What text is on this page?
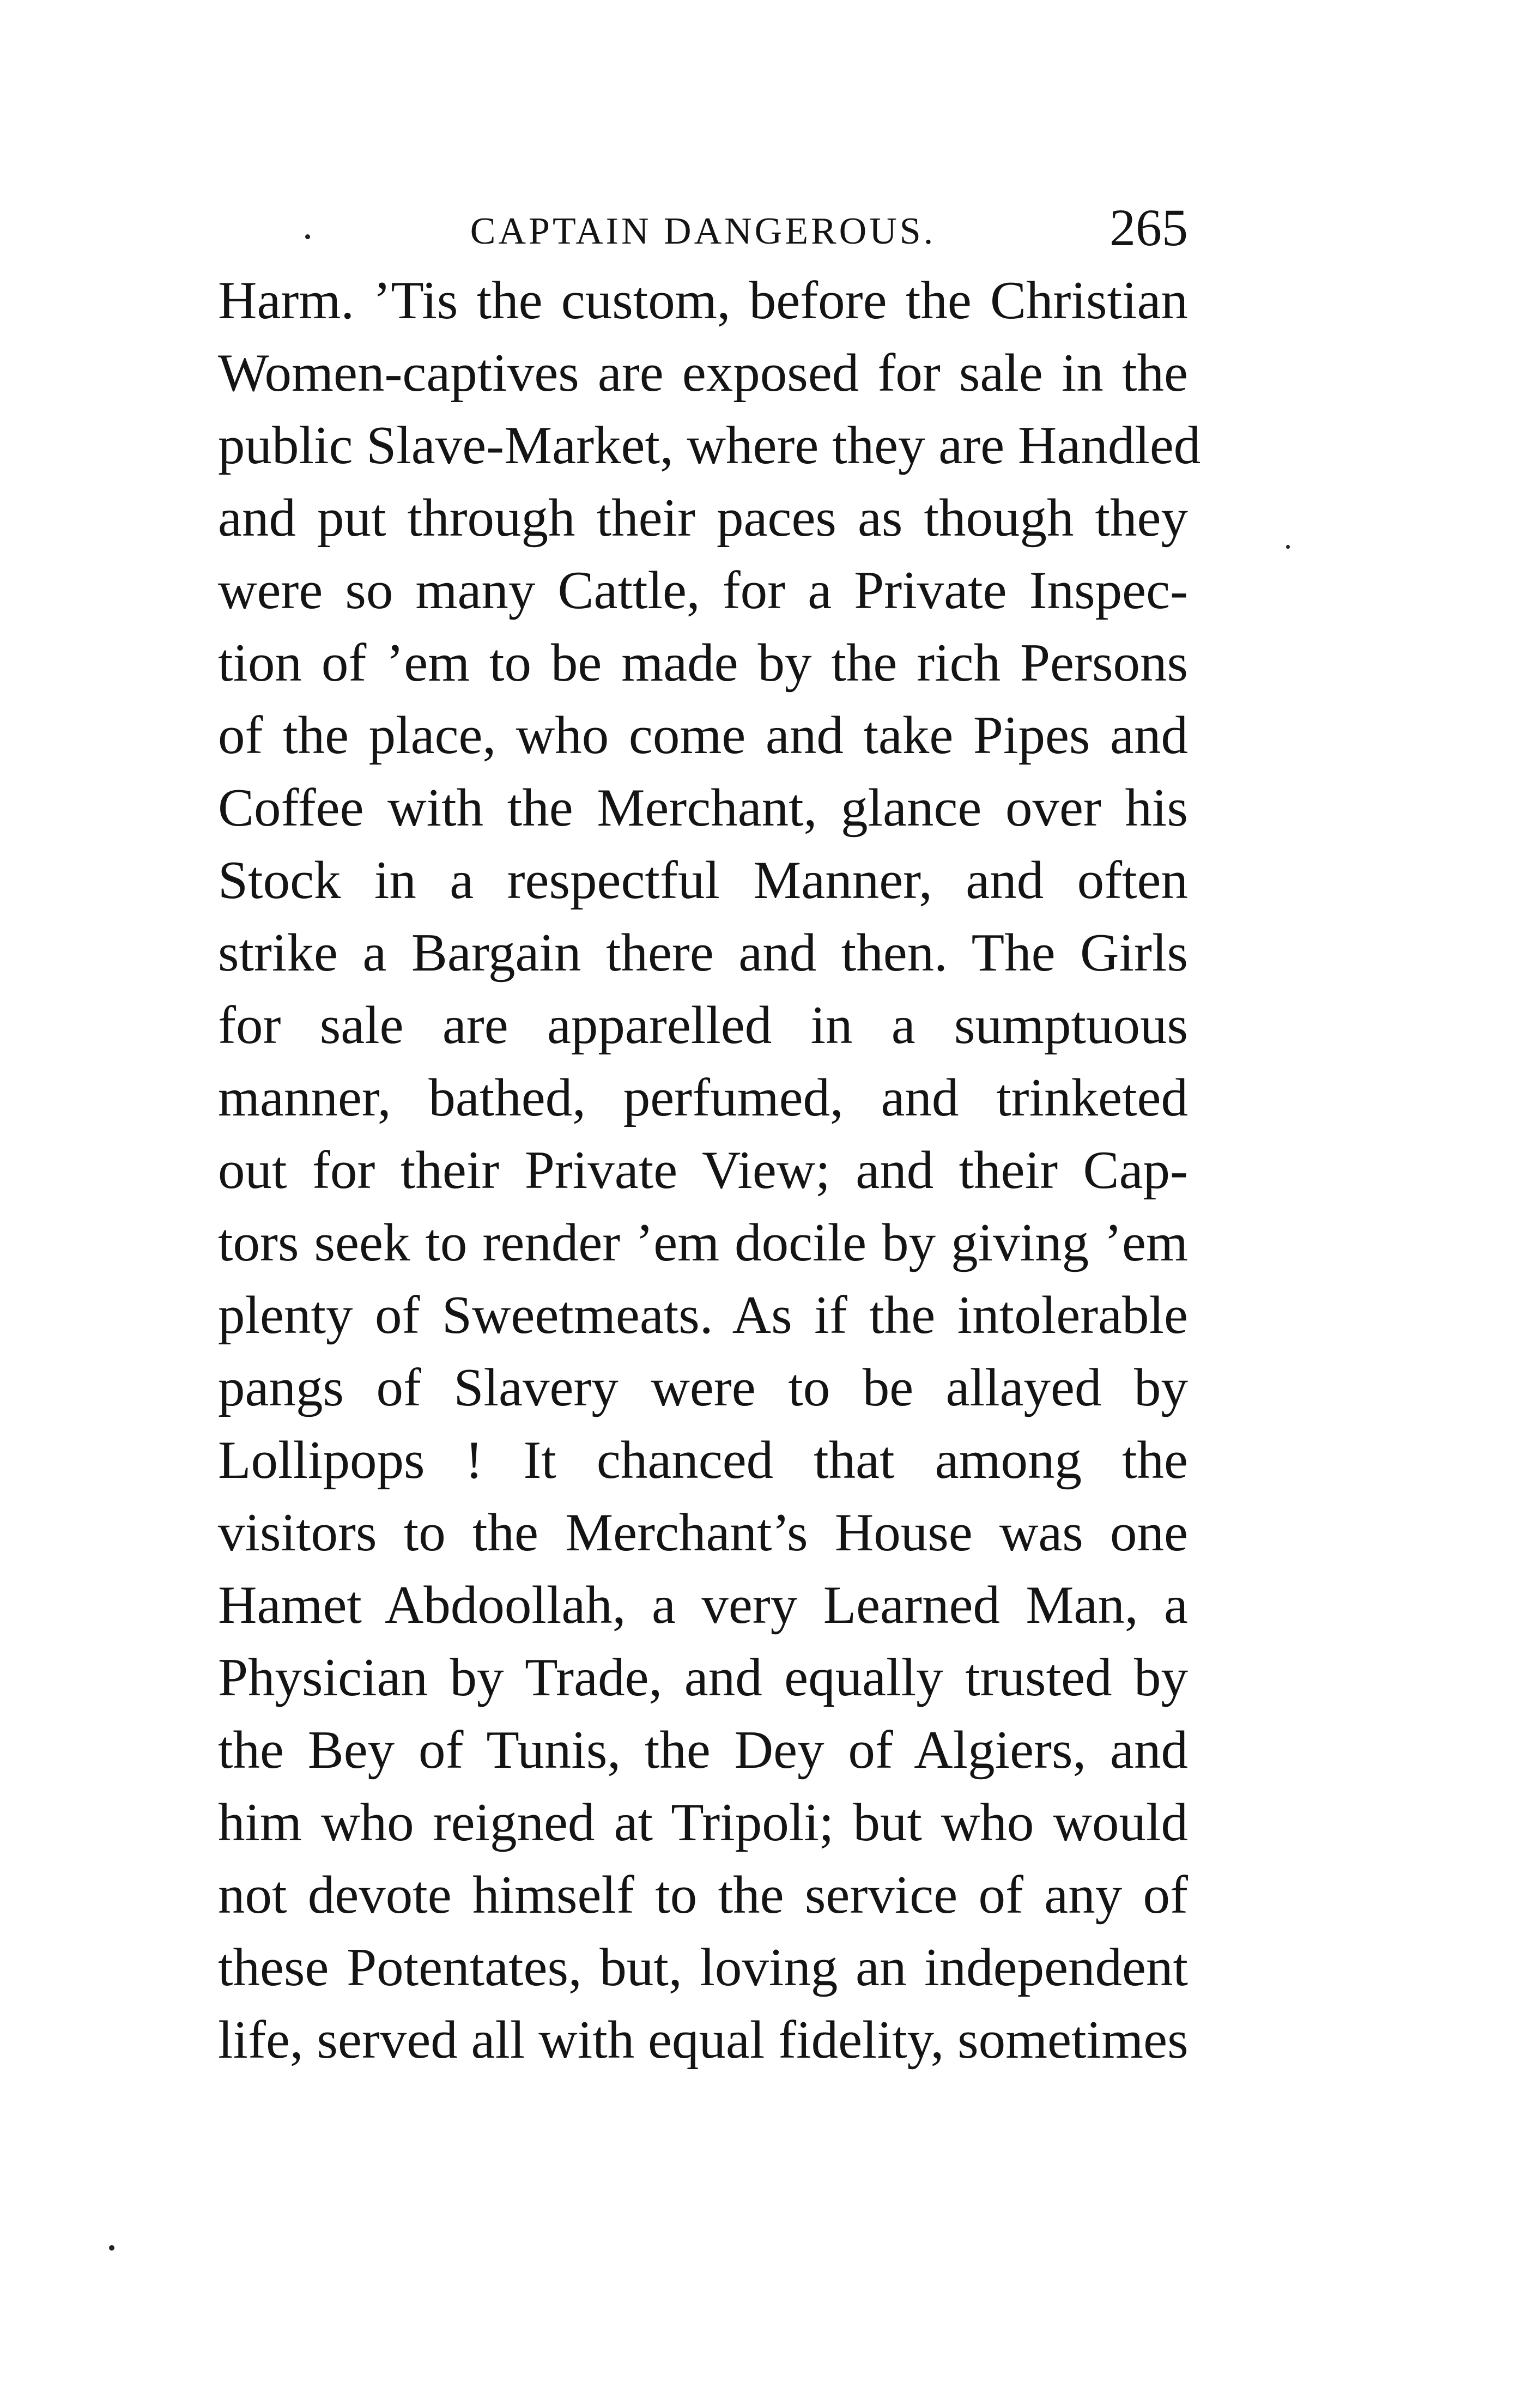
CAPTAIN DANGEROUS.	265
Harm. ’Tis the custom, before the Christian
Women-captives are exposed for sale in the
public Slave-Market, where they are Handled
and put through their paces as though they
were so many Cattle, for a Private Inspec-
tion of ’em to be made by the rich Persons
of the place, who come and take Pipes and
Coffee with the Merchant, glance over his
Stock in a respectful Manner, and often
strike a Bargain there and then. The Girls
for sale are apparelled in a sumptuous
manner, bathed, perfumed, and trinketed
out for their Private View; and their Cap-
tors seek to render ’em docile by giving ’em
plenty of Sweetmeats. As if the intolerable
pangs of Slavery were to be allayed by
Lollipops ! It chanced that among the
visitors to the Merchant’s House was one
Hamet Abdoollah, a very Learned Man, a
Physician by Trade, and equally trusted by
the Bey of Tunis, the Dey of Algiers, and
him who reigned at Tripoli; but who would
not devote himself to the service of any of
these Potentates, but, loving an independent
life, served all with equal fidelity, sometimes
